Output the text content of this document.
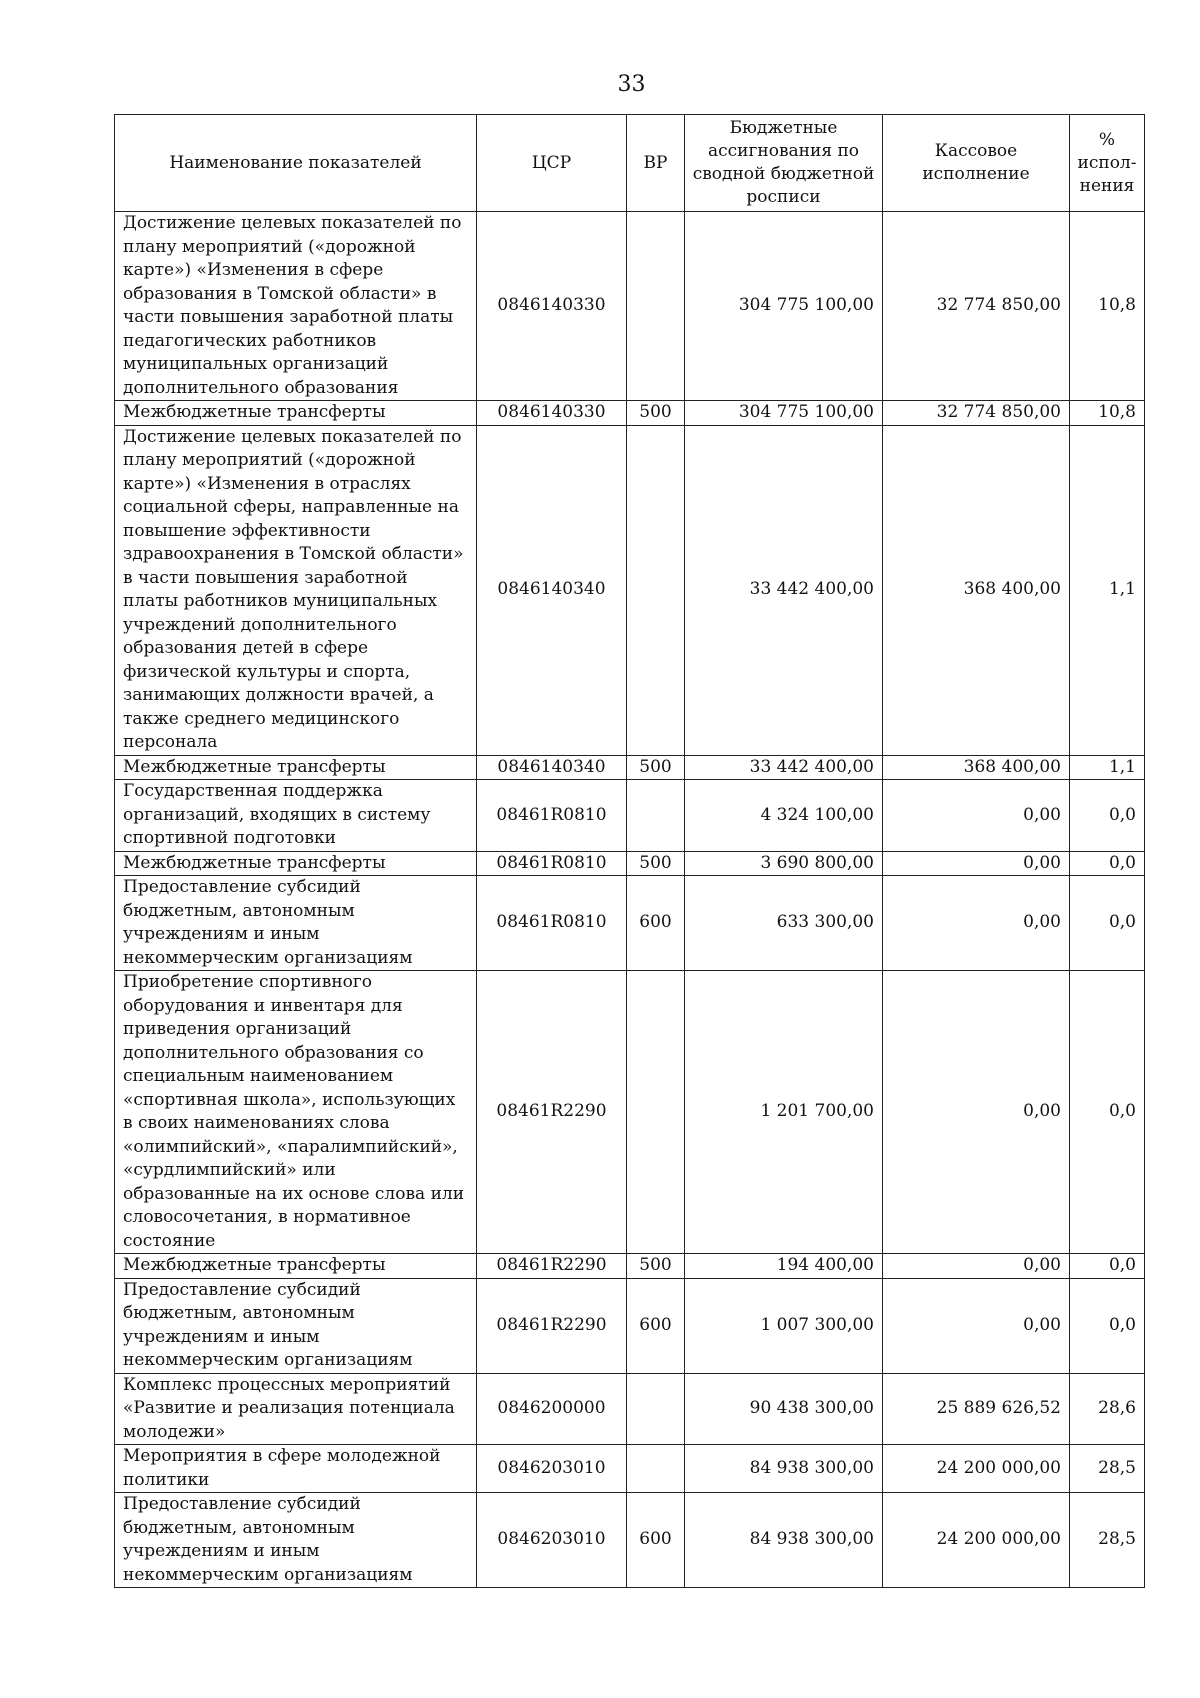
33
Наименование показателей	ЦСР	ВР	Бюджетные ассигнования по сводной бюджетной росписи	Кассовое исполнение	% испол-нения
Достижение целевых показателей по плану мероприятий («дорожной карте») «Изменения в сфере образования в Томской области» в части повышения заработной платы педагогических работников муниципальных организаций дополнительного образования	0846140330		304 775 100,00	32 774 850,00	10,8
Межбюджетные трансферты	0846140330	500	304 775 100,00	32 774 850,00	10,8
Достижение целевых показателей по плану мероприятий («дорожной карте») «Изменения в отраслях социальной сферы, направленные на повышение эффективности здравоохранения в Томской области» в части повышения заработной платы работников муниципальных учреждений дополнительного образования детей в сфере физической культуры и спорта, занимающих должности врачей, а также среднего медицинского персонала	0846140340		33 442 400,00	368 400,00	1,1
Межбюджетные трансферты	0846140340	500	33 442 400,00	368 400,00	1,1
Государственная поддержка организаций, входящих в систему спортивной подготовки	08461R0810		4 324 100,00	0,00	0,0
Межбюджетные трансферты	08461R0810	500	3 690 800,00	0,00	0,0
Предоставление субсидий бюджетным, автономным учреждениям и иным некоммерческим организациям	08461R0810	600	633 300,00	0,00	0,0
Приобретение спортивного оборудования и инвентаря для приведения организаций дополнительного образования со специальным наименованием «спортивная школа», использующих в своих наименованиях слова «олимпийский», «паралимпийский», «сурдлимпийский» или образованные на их основе слова или словосочетания, в нормативное состояние	08461R2290		1 201 700,00	0,00	0,0
Межбюджетные трансферты	08461R2290	500	194 400,00	0,00	0,0
Предоставление субсидий бюджетным, автономным учреждениям и иным некоммерческим организациям	08461R2290	600	1 007 300,00	0,00	0,0
Комплекс процессных мероприятий «Развитие и реализация потенциала молодежи»	0846200000		90 438 300,00	25 889 626,52	28,6
Мероприятия в сфере молодежной политики	0846203010		84 938 300,00	24 200 000,00	28,5
Предоставление субсидий бюджетным, автономным учреждениям и иным некоммерческим организациям	0846203010	600	84 938 300,00	24 200 000,00	28,5
